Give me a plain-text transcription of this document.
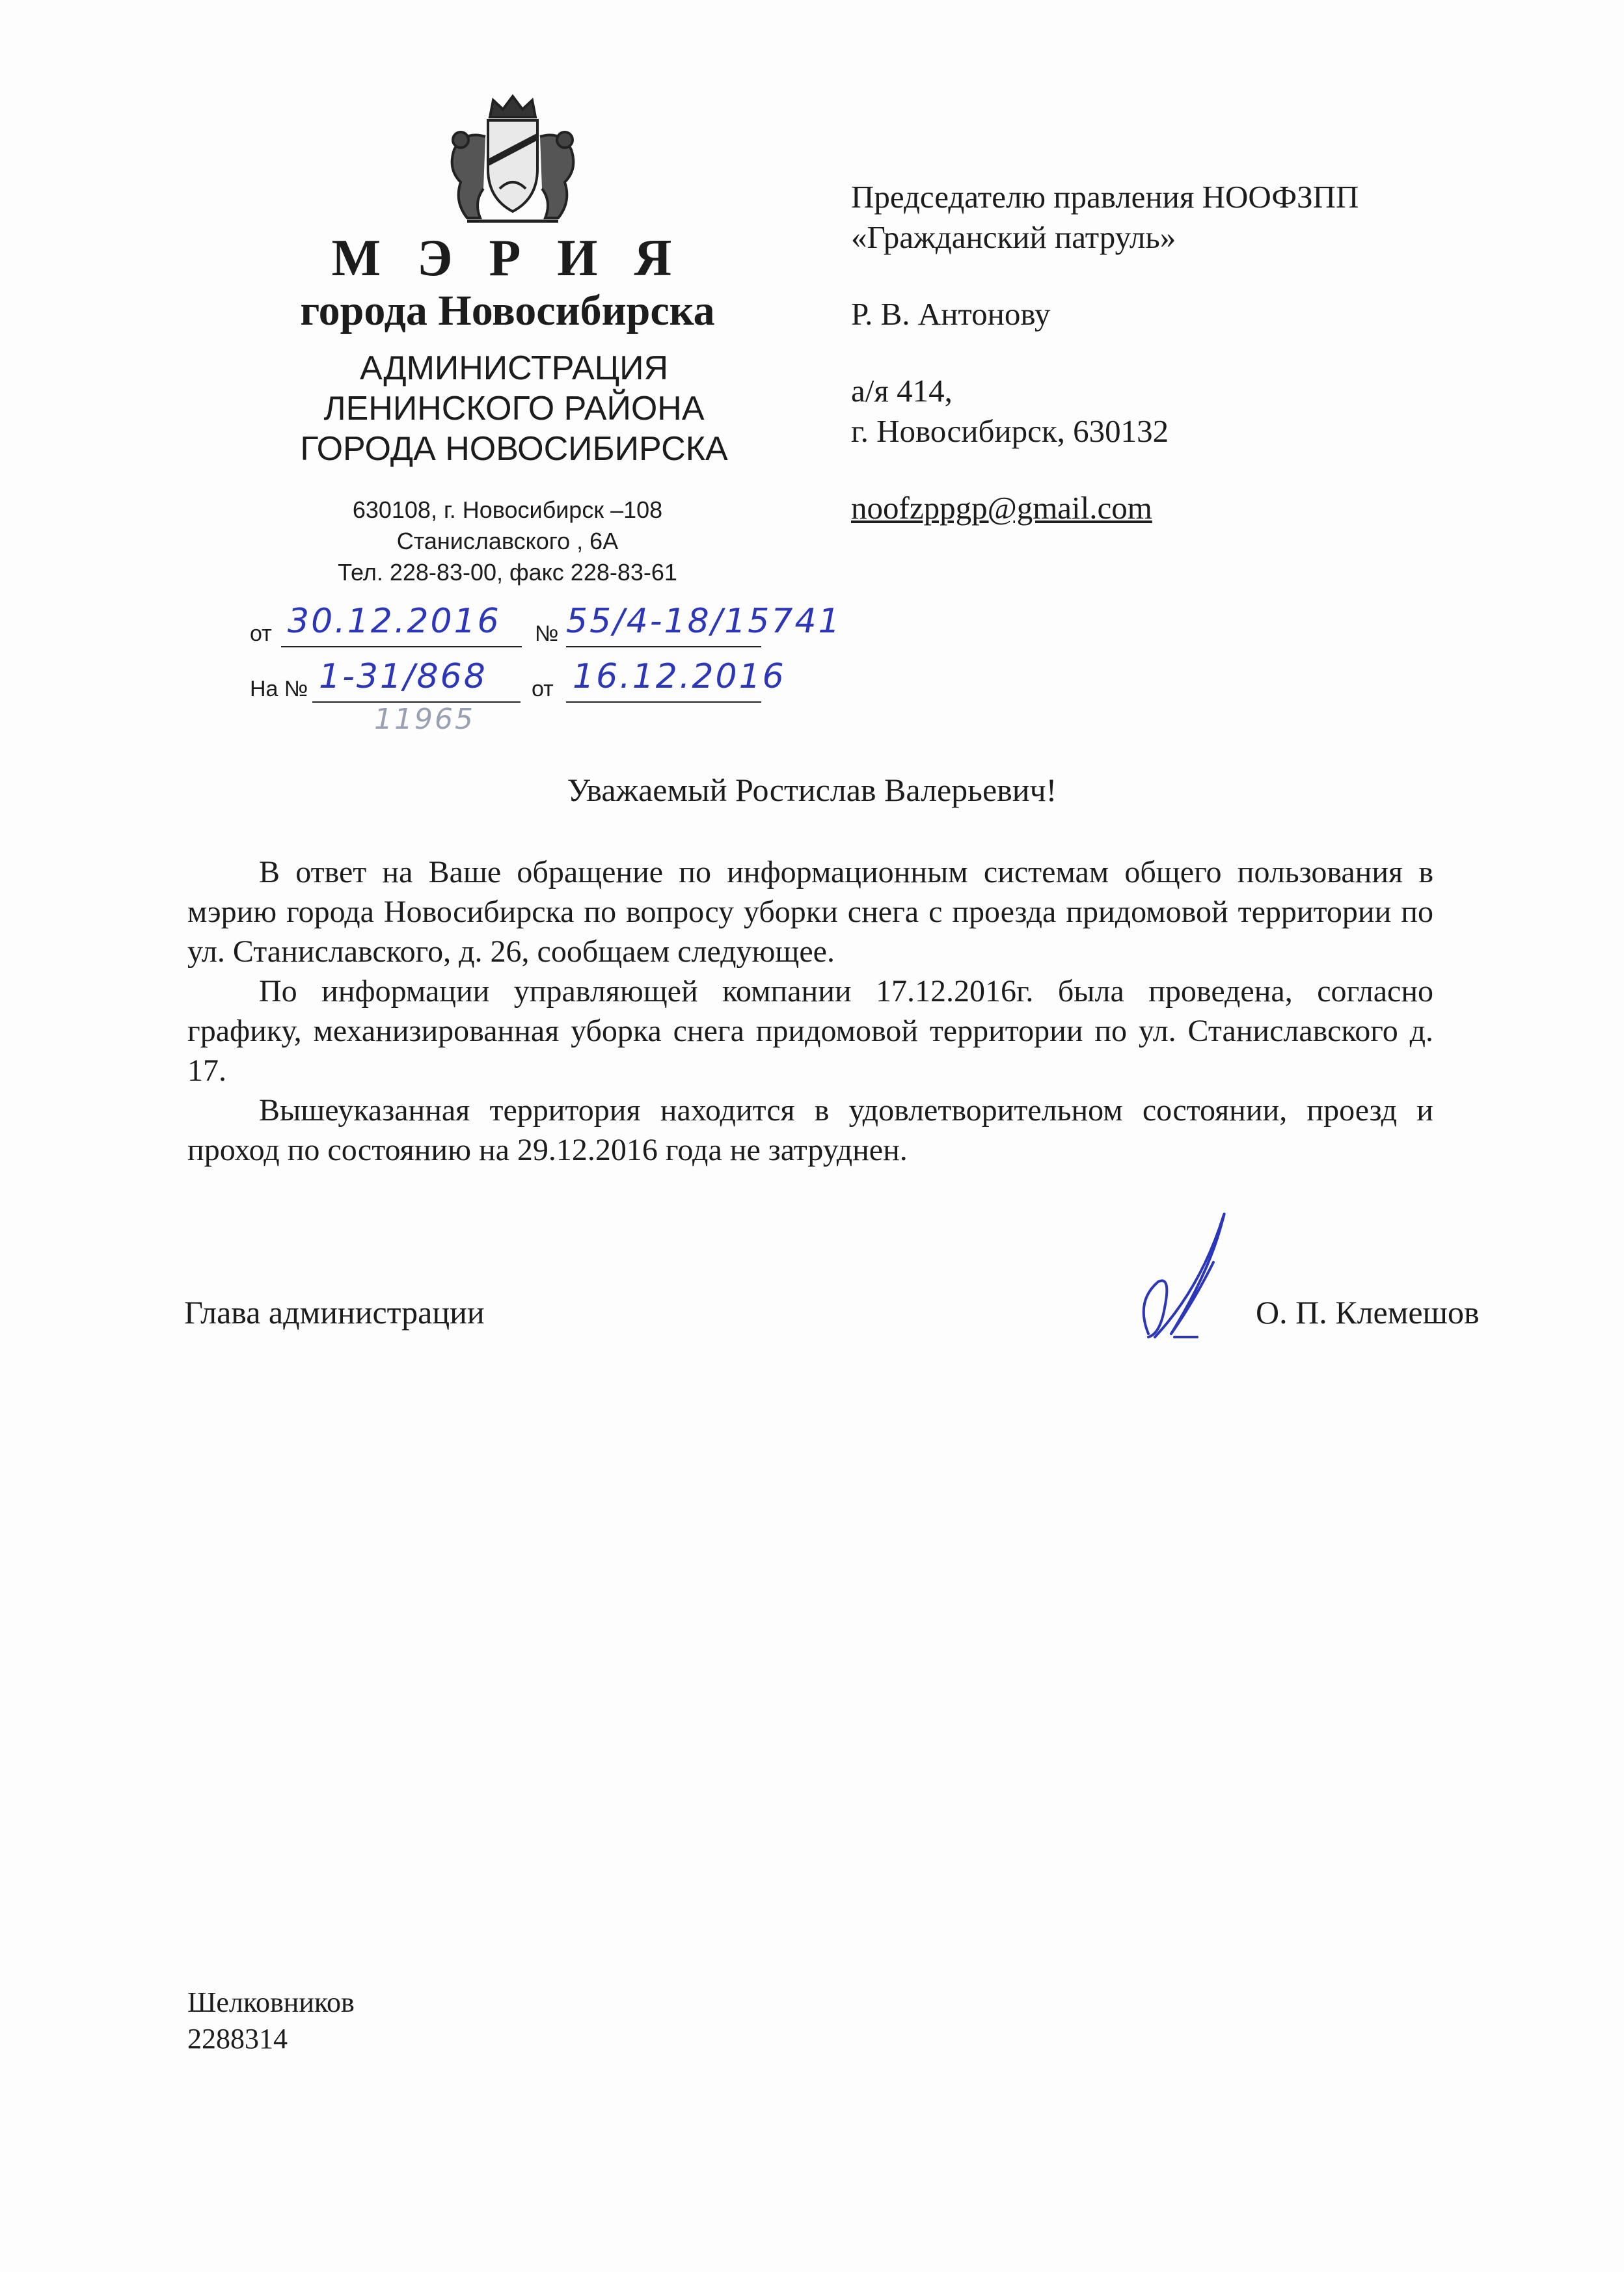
М Э Р И Я
города Новосибирска
АДМИНИСТРАЦИЯ
ЛЕНИНСКОГО РАЙОНА
ГОРОДА НОВОСИБИРСКА
630108, г. Новосибирск –108
Станиславского , 6А
Тел. 228-83-00, факс 228-83-61
от 30.12.2016 № 55/4-18/15741
На № 1-31/868
11965
от 16.12.2016
Председателю правления НООФЗПП
«Гражданский патруль»
Р. В. Антонову
а/я 414,
г. Новосибирск, 630132
noofzppgp@gmail.com
Уважаемый Ростислав Валерьевич!

В ответ на Ваше обращение по информационным системам общего пользования в мэрию города Новосибирска по вопросу уборки снега с проезда придомовой территории по ул. Станиславского, д. 26, сообщаем следующее.

По информации управляющей компании 17.12.2016г. была проведена, согласно графику, механизированная уборка снега придомовой территории по ул. Станиславского д. 17.

Вышеуказанная территория находится в удовлетворительном состоянии, проезд и проход по состоянию на 29.12.2016 года не затруднен.

Глава администрации	О. П. Клемешов
Шелковников
2288314
